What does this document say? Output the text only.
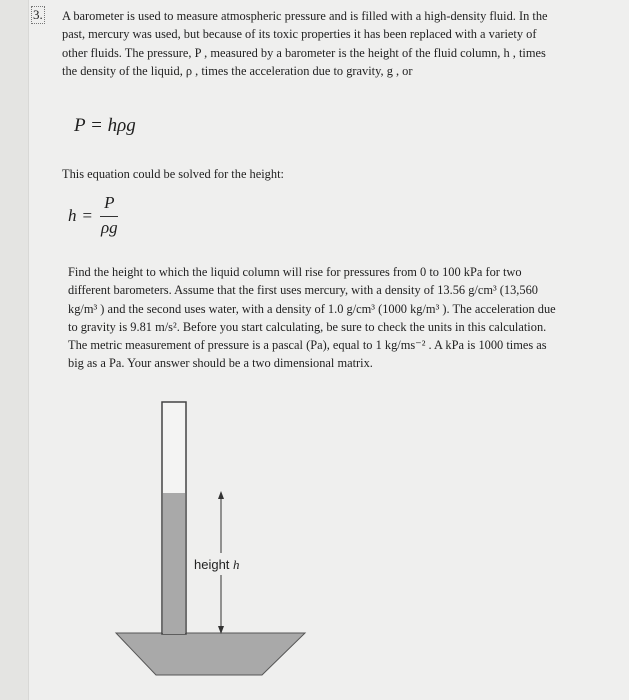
3. A barometer is used to measure atmospheric pressure and is filled with a high-density fluid. In the past, mercury was used, but because of its toxic properties it has been replaced with a variety of other fluids. The pressure, P , measured by a barometer is the height of the fluid column, h , times the density of the liquid, ρ , times the acceleration due to gravity, g , or
P = hρg
This equation could be solved for the height:
$h = \frac{P}{\rho g}$
Find the height to which the liquid column will rise for pressures from 0 to 100 kPa for two different barometers. Assume that the first uses mercury, with a density of 13.56 g/cm³ (13,560 kg/m³ ) and the second uses water, with a density of 1.0 g/cm³ (1000 kg/m³ ). The acceleration due to gravity is 9.81 m/s². Before you start calculating, be sure to check the units in this calculation. The metric measurement of pressure is a pascal (Pa), equal to 1 kg/ms⁻² . A kPa is 1000 times as big as a Pa. Your answer should be a two dimensional matrix.
height h
